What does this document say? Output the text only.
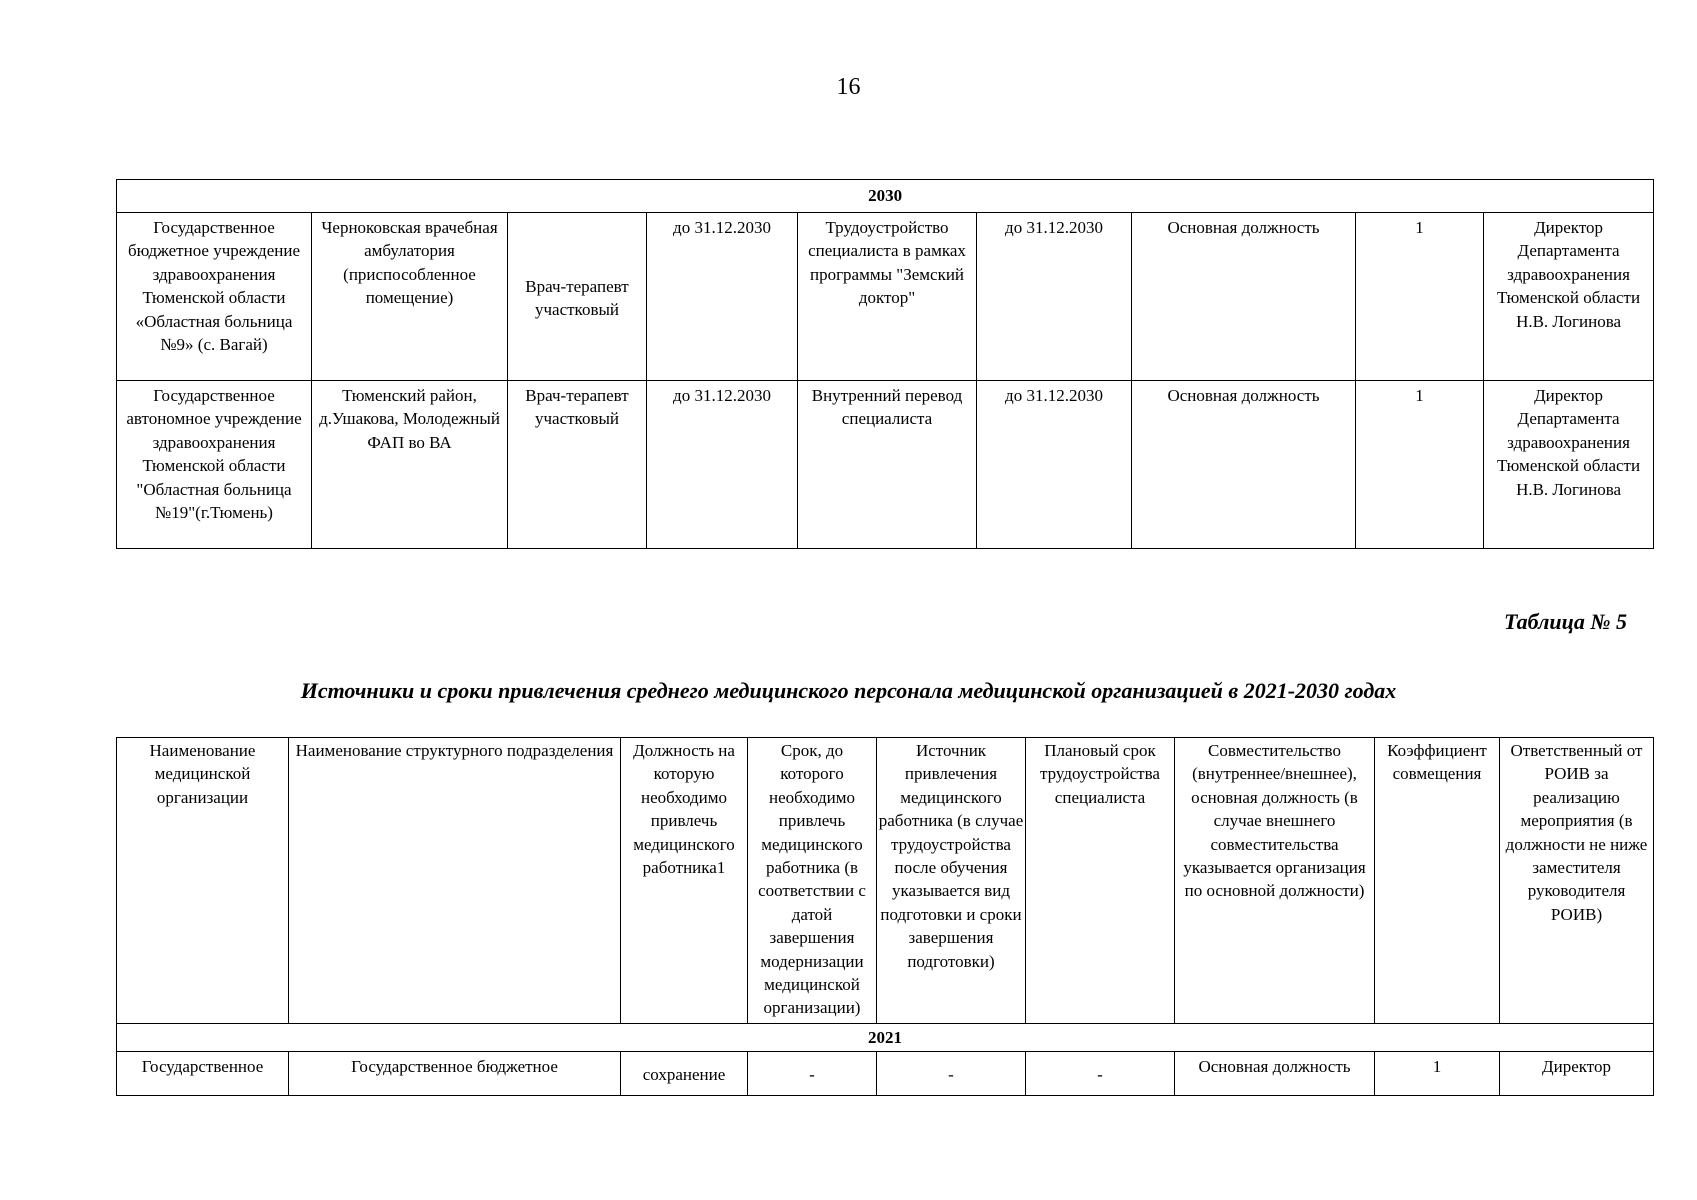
16
2030								
Государственное бюджетное учреждение здравоохранения Тюменской области «Областная больница №9» (с. Вагай)	Черноковская врачебная амбулатория (приспособленное помещение)	Врач-терапевт участковый	до 31.12.2030	Трудоустройство специалиста в рамках программы "Земский доктор"	до 31.12.2030	Основная должность	1	Директор Департамента здравоохранения Тюменской области Н.В. Логинова
Государственное автономное учреждение здравоохранения Тюменской области "Областная больница №19"(г.Тюмень)	Тюменский район, д.Ушакова, Молодежный ФАП во ВА	Врач-терапевт участковый	до 31.12.2030	Внутренний перевод специалиста	до 31.12.2030	Основная должность	1	Директор Департамента здравоохранения Тюменской области Н.В. Логинова
Таблица № 5
Источники и сроки привлечения среднего медицинского персонала медицинской организацией в 2021-2030 годах
Наименование медицинской организации	Наименование структурного подразделения	Должность на которую необходимо привлечь медицинского работника1	Срок, до которого необходимо привлечь медицинского работника (в соответствии с датой завершения модернизации медицинской организации)	Источник привлечения медицинского работника (в случае трудоустройства после обучения указывается вид подготовки и сроки завершения подготовки)	Плановый срок трудоустройства специалиста	Совместительство (внутреннее/внешнее), основная должность (в случае внешнего совместительства указывается организация по основной должности)	Коэффициент совмещения	Ответственный от РОИВ за реализацию мероприятия (в должности не ниже заместителя руководителя РОИВ)
2021								
Государственное	Государственное бюджетное	сохранение	-	-	-	Основная должность	1	Директор
